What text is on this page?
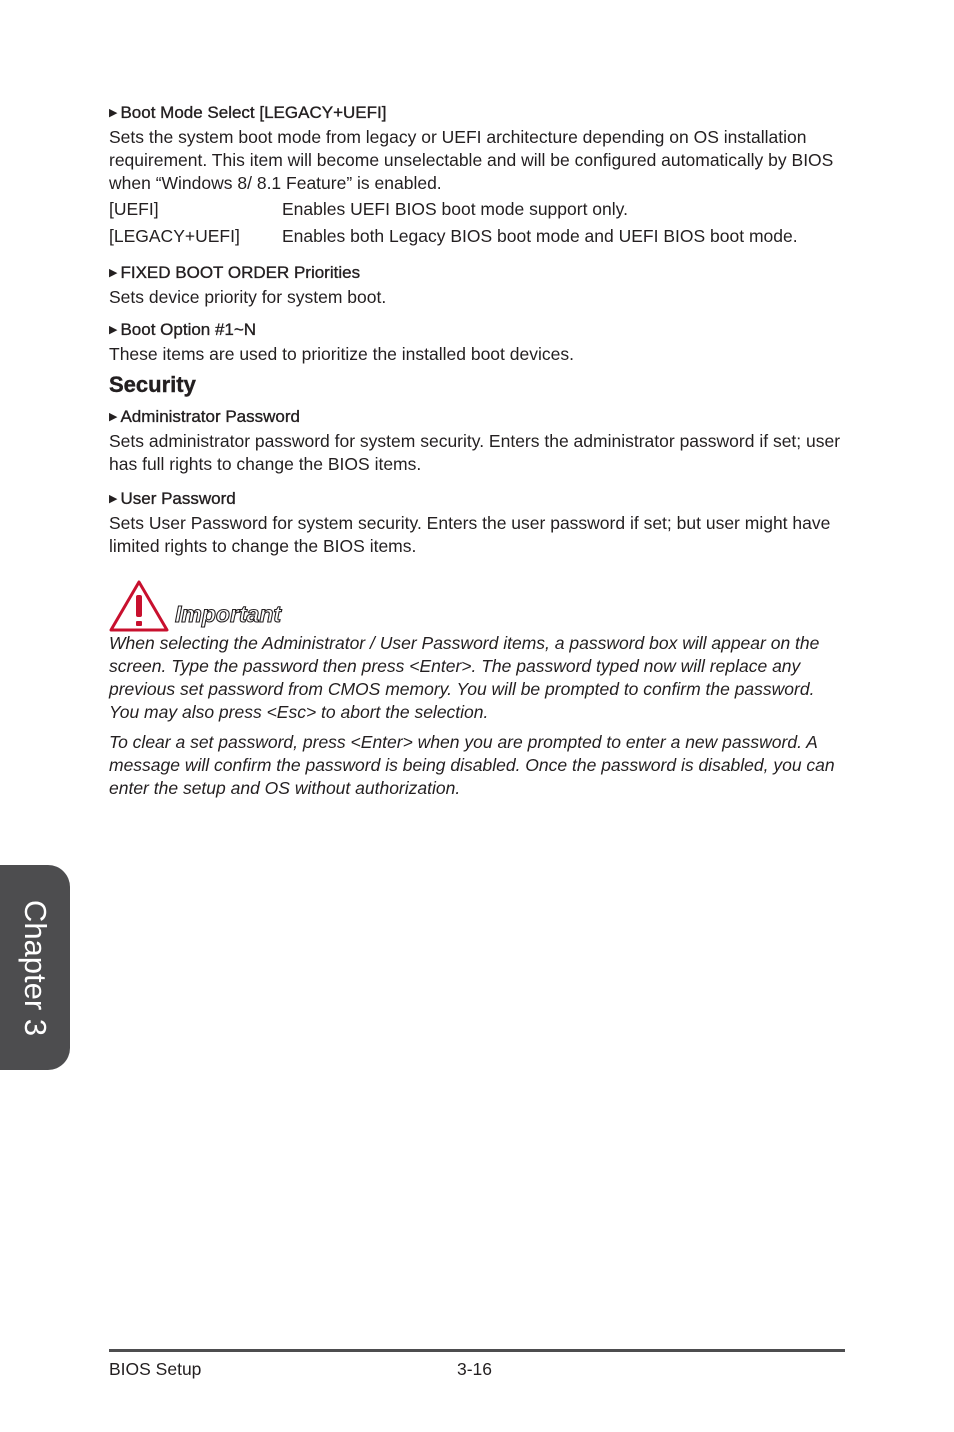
▶ Boot Mode Select [LEGACY+UEFI]

Sets the system boot mode from legacy or UEFI architecture depending on OS installation requirement. This item will become unselectable and will be configured automatically by BIOS when “Windows 8/ 8.1 Feature” is enabled.

[UEFI]	Enables UEFI BIOS boot mode support only.
[LEGACY+UEFI]	Enables both Legacy BIOS boot mode and UEFI BIOS boot mode.
▶ FIXED BOOT ORDER Priorities

Sets device priority for system boot.

▶ Boot Option #1~N

These items are used to prioritize the installed boot devices.

Security
▶ Administrator Password

Sets administrator password for system security. Enters the administrator password if set; user has full rights to change the BIOS items.

▶ User Password

Sets User Password for system security. Enters the user password if set; but user might have limited rights to change the BIOS items.

Important

When selecting the Administrator / User Password items, a password box will appear on the screen. Type the password then press <Enter>. The password typed now will replace any previous set password from CMOS memory. You will be prompted to confirm the password. You may also press <Esc> to abort the selection.

To clear a set password, press <Enter> when you are prompted to enter a new password. A message will confirm the password is being disabled. Once the password is disabled, you can enter the setup and OS without authorization.

Chapter 3
BIOS Setup	3-16
